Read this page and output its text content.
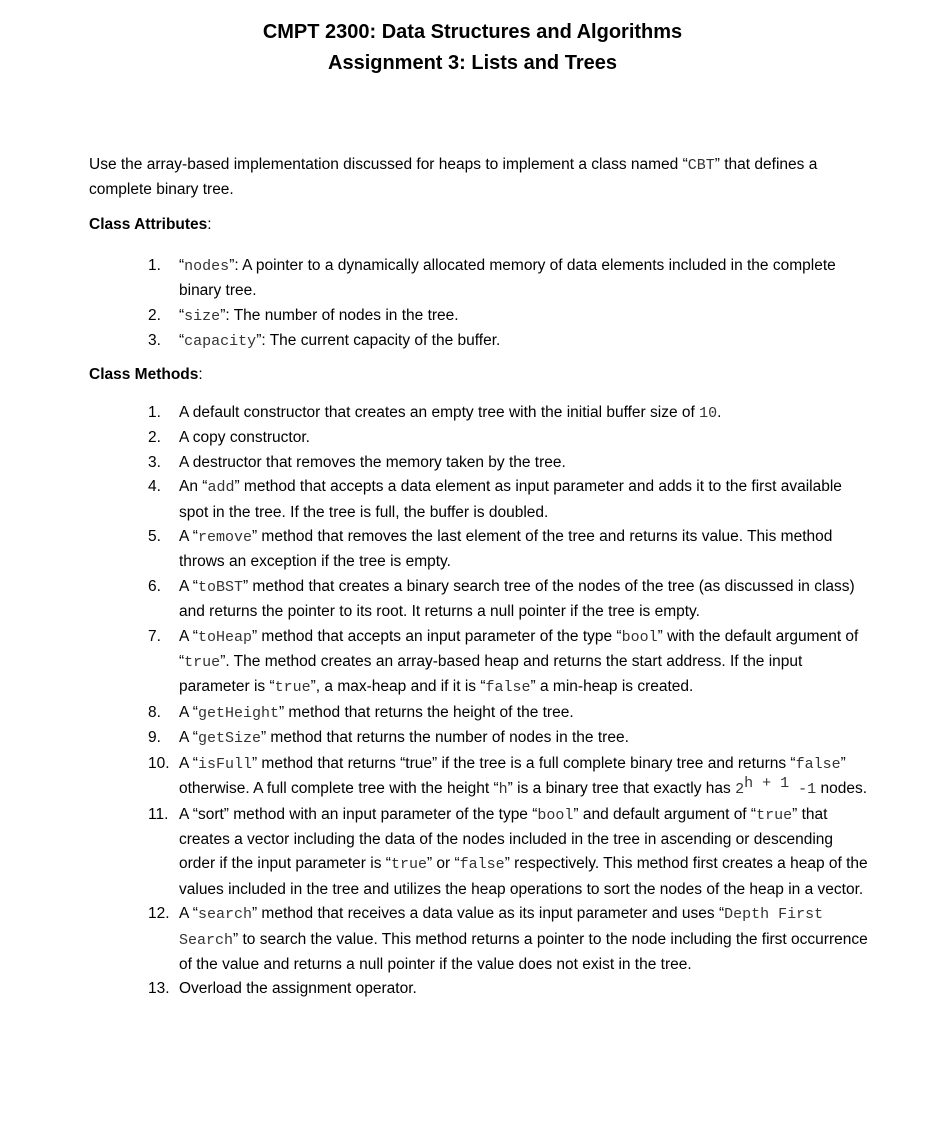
CMPT 2300: Data Structures and Algorithms
Assignment 3: Lists and Trees

Use the array-based implementation discussed for heaps to implement a class named “CBT” that defines a complete binary tree.

Class Attributes:
1. “nodes”: A pointer to a dynamically allocated memory of data elements included in the complete binary tree.
2. “size”: The number of nodes in the tree.
3. “capacity”: The current capacity of the buffer.
Class Methods:
1. A default constructor that creates an empty tree with the initial buffer size of 10.
2. A copy constructor.
3. A destructor that removes the memory taken by the tree.
4. An “add” method that accepts a data element as input parameter and adds it to the first available spot in the tree. If the tree is full, the buffer is doubled.
5. A “remove” method that removes the last element of the tree and returns its value. This method throws an exception if the tree is empty.
6. A “toBST” method that creates a binary search tree of the nodes of the tree (as discussed in class) and returns the pointer to its root. It returns a null pointer if the tree is empty.
7. A “toHeap” method that accepts an input parameter of the type “bool” with the default argument of “true”. The method creates an array-based heap and returns the start address. If the input parameter is “true”, a max-heap and if it is “false” a min-heap is created.
8. A “getHeight” method that returns the height of the tree.
9. A “getSize” method that returns the number of nodes in the tree.
10. A “isFull” method that returns “true” if the tree is a full complete binary tree and returns “false” otherwise. A full complete tree with the height “h” is a binary tree that exactly has $2^{h + 1}$ -1 nodes.
11. A “sort” method with an input parameter of the type “bool” and default argument of “true” that creates a vector including the data of the nodes included in the tree in ascending or descending order if the input parameter is “true” or “false” respectively. This method first creates a heap of the values included in the tree and utilizes the heap operations to sort the nodes of the heap in a vector.
12. A “search” method that receives a data value as its input parameter and uses “Depth First Search” to search the value. This method returns a pointer to the node including the first occurrence of the value and returns a null pointer if the value does not exist in the tree.
13. Overload the assignment operator.
